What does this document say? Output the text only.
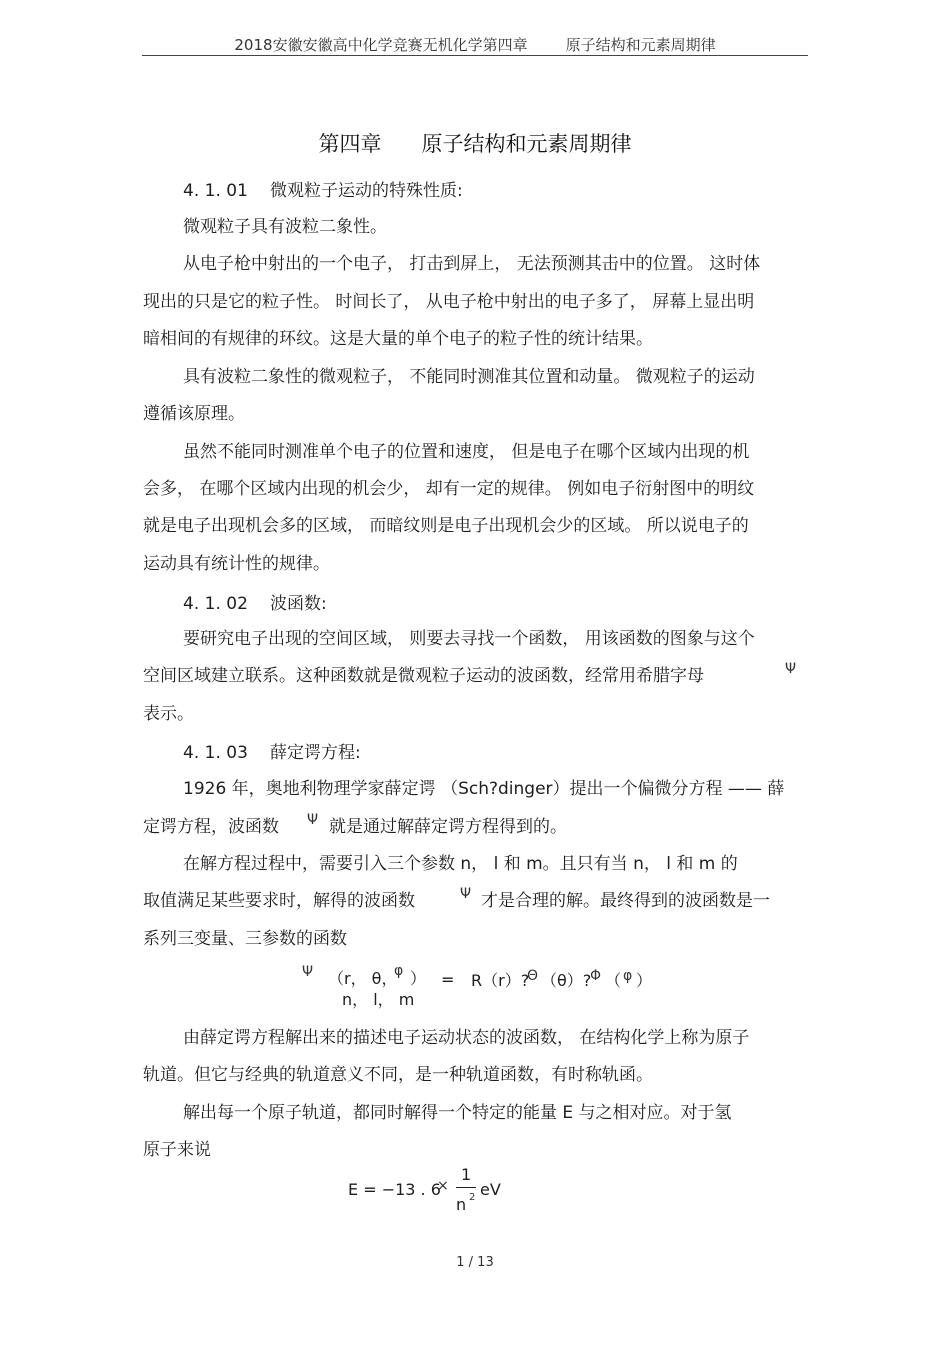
2018安徽安徽高中化学竞赛无机化学第四章	原子结构和元素周期律
第四章 原子结构和元素周期律
4. 1. 01 微观粒子运动的特殊性质:
微观粒子具有波粒二象性。
从电子枪中射出的一个电子， 打击到屏上， 无法预测其击中的位置。 这时体
现出的只是它的粒子性。 时间长了， 从电子枪中射出的电子多了， 屏幕上显出明
暗相间的有规律的环纹。这是大量的单个电子的粒子性的统计结果。
具有波粒二象性的微观粒子， 不能同时测准其位置和动量。 微观粒子的运动
遵循该原理。
虽然不能同时测准单个电子的位置和速度， 但是电子在哪个区域内出现的机
会多， 在哪个区域内出现的机会少， 却有一定的规律。 例如电子衍射图中的明纹
就是电子出现机会多的区域， 而暗纹则是电子出现机会少的区域。 所以说电子的
运动具有统计性的规律。
4. 1. 02 波函数:
要研究电子出现的空间区域， 则要去寻找一个函数， 用该函数的图象与这个
空间区域建立联系。这种函数就是微观粒子运动的波函数，经常用希腊字母	Ψ
表示。
4. 1. 03 薛定谔方程:
1926 年，奥地利物理学家薛定谔 （Sch?dinger）提出一个偏微分方程 —— 薛
定谔方程，波函数 Ψ 就是通过解薛定谔方程得到的。
在解方程过程中，需要引入三个参数 n， l 和 m。且只有当 n， l 和 m 的
取值满足某些要求时，解得的波函数	Ψ 才是合理的解。最终得到的波函数是一
系列三变量、三参数的函数
Ψ （r， θ，
φ ） = R（r）?
Θ （θ）?
Φ （ φ ）
n， l， m
由薛定谔方程解出来的描述电子运动状态的波函数， 在结构化学上称为原子
轨道。但它与经典的轨道意义不同，是一种轨道函数，有时称轨函。
解出每一个原子轨道，都同时解得一个特定的能量 E 与之相对应。对于氢
原子来说
E = −13 . 6
×
1
n 2 eV
1 / 13
